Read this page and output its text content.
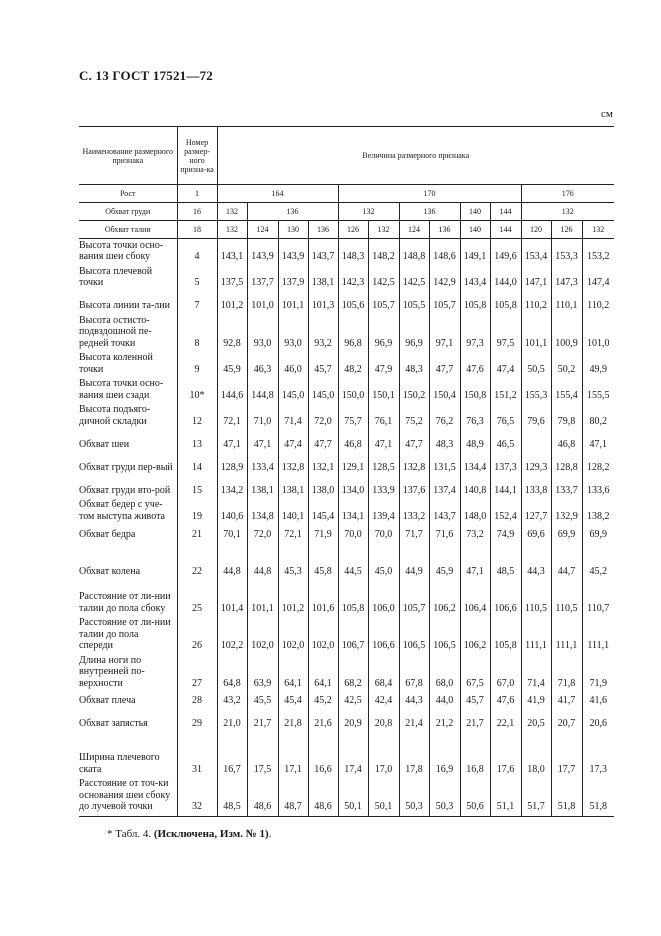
С. 13 ГОСТ 17521—72
см
Наименование размерного признака	Номер размер-ного призна-ка	Величина размерного признака												
Рост	1	164				170						176		
Обхват груди	16	132	136			132		136		140	144	132		
Обхват талии	18	132	124	130	136	126	132	124	136	140	144	120	126	132
Высота точки осно-вания шеи сбоку	4	143,1	143,9	143,9	143,7	148,3	148,2	148,8	148,6	149,1	149,6	153,4	153,3	153,2
Высота плечевой точки	5	137,5	137,7	137,9	138,1	142,3	142,5	142,5	142,9	143,4	144,0	147,1	147,3	147,4
Высота линии та-лии	7	101,2	101,0	101,1	101,3	105,6	105,7	105,5	105,7	105,8	105,8	110,2	110,1	110,2
Высота остисто-подвздошной пе-редней точки	8	92,8	93,0	93,0	93,2	96,8	96,9	96,9	97,1	97,3	97,5	101,1	100,9	101,0
Высота коленной точки	9	45,9	46,3	46,0	45,7	48,2	47,9	48,3	47,7	47,6	47,4	50,5	50,2	49,9
Высота точки осно-вания шеи сзади	10*	144,6	144,8	145,0	145,0	150,0	150,1	150,2	150,4	150,8	151,2	155,3	155,4	155,5
Высота подъяго-дичной складки	12	72,1	71,0	71,4	72,0	75,7	76,1	75,2	76,2	76,3	76,5	79,6	79,8	80,2
Обхват шеи	13	47,1	47,1	47,4	47,7	46,8	47,1	47,7	48,3	48,9	46,5		46,8	47,1
Обхват груди пер-вый	14	128,9	133,4	132,8	132,1	129,1	128,5	132,8	131,5	134,4	137,3	129,3	128,8	128,2
Обхват груди вто-рой	15	134,2	138,1	138,1	138,0	134,0	133,9	137,6	137,4	140,8	144,1	133,8	133,7	133,6
Обхват бедер с уче-том выступа живота	19	140,6	134,8	140,1	145,4	134,1	139,4	133,2	143,7	148,0	152,4	127,7	132,9	138,2
Обхват бедра	21	70,1	72,0	72,1	71,9	70,0	70,0	71,7	71,6	73,2	74,9	69,6	69,9	69,9
Обхват колена	22	44,8	44,8	45,3	45,8	44,5	45,0	44,9	45,9	47,1	48,5	44,3	44,7	45,2
Расстояние от ли-нии талии до пола сбоку	25	101,4	101,1	101,2	101,6	105,8	106,0	105,7	106,2	106,4	106,6	110,5	110,5	110,7
Расстояние от ли-нии талии до пола спереди	26	102,2	102,0	102,0	102,0	106,7	106,6	106,5	106,5	106,2	105,8	111,1	111,1	111,1
Длина ноги по внутренней по-верхности	27	64,8	63,9	64,1	64,1	68,2	68,4	67,8	68,0	67,5	67,0	71,4	71,8	71,9
Обхват плеча	28	43,2	45,5	45,4	45,2	42,5	42,4	44,3	44,0	45,7	47,6	41,9	41,7	41,6
Обхват запястья	29	21,0	21,7	21,8	21,6	20,9	20,8	21,4	21,2	21,7	22,1	20,5	20,7	20,6
Ширина плечевого ската	31	16,7	17,5	17,1	16,6	17,4	17,0	17,8	16,9	16,8	17,6	18,0	17,7	17,3
Расстояние от точ-ки основания шеи сбоку до лучевой точки	32	48,5	48,6	48,7	48,6	50,1	50,1	50,3	50,3	50,6	51,1	51,7	51,8	51,8
* Табл. 4. (Исключена, Изм. № 1).
